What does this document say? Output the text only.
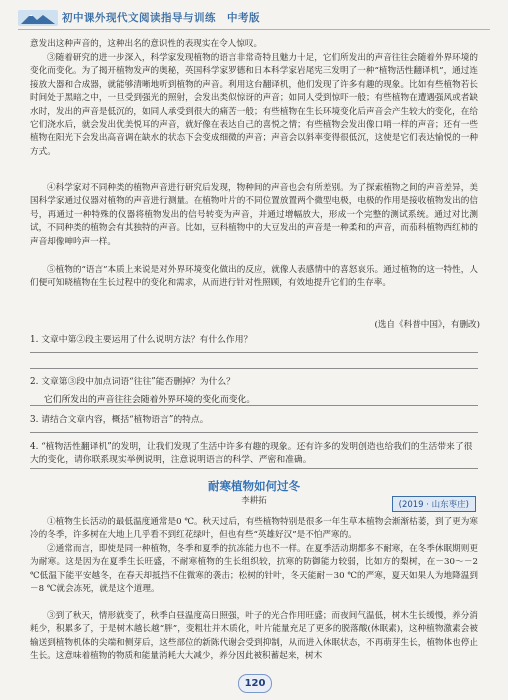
初中课外现代文阅读指导与训练　中考版
意发出这种声音的，这种出名的意识性的表现实在令人惊叹。
③随着研究的进一步深入，科学家发现植物的语言非常奇特且魅力十足，它们所发出的声音往往会随着外界环境的变化而变化。为了揭开植物发声的奥秘，英国科学家罗德和日本科学家岩尾宪三发明了一种“植物活性翻译机”，通过连接放大器和合成器，就能够清晰地听到植物的声音。利用这台翻译机，他们发现了许多有趣的现象。比如有些植物若长时间处于黑暗之中，一旦受到强光的照射，会发出类似惊讶的声音；如同人受到惊吓一般；有些植物在遭遇强风或者缺水时，发出的声音是低沉的，如同人承受到很大的痛苦一般；有些植物在生长环境变化后声音会产生较大的变化，在给它们浇水后，就会发出优美悦耳的声音，就好像在表达自己的喜悦之情；有些植物会发出像口哨一样的声音；还有一些植物在阳光下会发出高音调在缺水的状态下会变成细微的声音；声音会以斜率变得很低沉，这使是它们表达愉悦的一种方式。
④科学家对不同种类的植物声音进行研究后发现，物种间的声音也会有所差别。为了探索植物之间的声音差异，美国科学家通过仪器对植物的声音进行测量。在植物叶片的不同位置放置两个微型电极，电极的作用是接收植物发出的信号，再通过一种特殊的仪器将植物发出的信号转变为声音，并通过增幅放大，形成一个完整的测试系统。通过对比测试，不同种类的植物会有其独特的声音。比如，豆科植物中的大豆发出的声音是一种柔和的声音，而茄科植物西红柿的声音却像呻吟声一样。
⑤植物的“语言”本质上来说是对外界环境变化做出的反应，就像人表感情中的喜怒哀乐。通过植物的这一特性，人们便可知晓植物在生长过程中的变化和需求，从而进行针对性照顾，有效地提升它们的生存率。
(选自《科普中国》，有删改)
1. 文章中第②段主要运用了什么说明方法？有什么作用？
2. 文章第③段中加点词语“往往”能否删掉？为什么？
它们所发出的声音往往会随着外界环境的变化而变化。
3. 请结合文章内容，概括“植物语言”的特点。
4. “植物活性翻译机”的发明，让我们发现了生活中许多有趣的现象。还有许多的发明创造也给我们的生活带来了很大的变化，请你联系现实举例说明，注意说明语言的科学、严密和准确。
耐寒植物如何过冬
李耕拓	(2019 · 山东枣庄)
①植物生长活动的最低温度通常是0 ℃。秋天过后，有些植物特别是很多一年生草本植物会渐渐枯萎，到了更为寒冷的冬季，许多树在大地上几乎看不到红花绿叶，但也有些“英雄好汉”是不怕严寒的。
②通常而言，即使是同一种植物，冬季和夏季的抗冻能力也不一样。在夏季活动期都多不耐寒，在冬季休眠期则更为耐寒。这是因为在夏季生长旺盛，不耐寒植物的生长组织较，抗寒的防御能力较弱，比如方的梨树，在－30～－2 ℃低温下能平安越冬，在春天却抵挡不住微寒的袭击；松树的针叶，冬天能耐－30 ℃的严寒，夏天如果人为地降温到－8 ℃就会冻死，就是这个道理。
③到了秋天，情形就变了，秋季白昼温度高日照强，叶子的光合作用旺盛；而夜间气温低，树木生长缓慢，养分消耗少，积累多了，于是树木越长越“胖”，变粗壮并木质化，叶片能量充足了更多的脱落酸(休眠素)，这种植物激素会被输送到植物机体的尖端和侧芽后，这些部位的新陈代谢会受到抑制，从而进入休眠状态，不再萌芽生长，植物体也停止生长。这意味着植物的物质和能量消耗大大减少，养分因此被积蓄起来，树木
120
